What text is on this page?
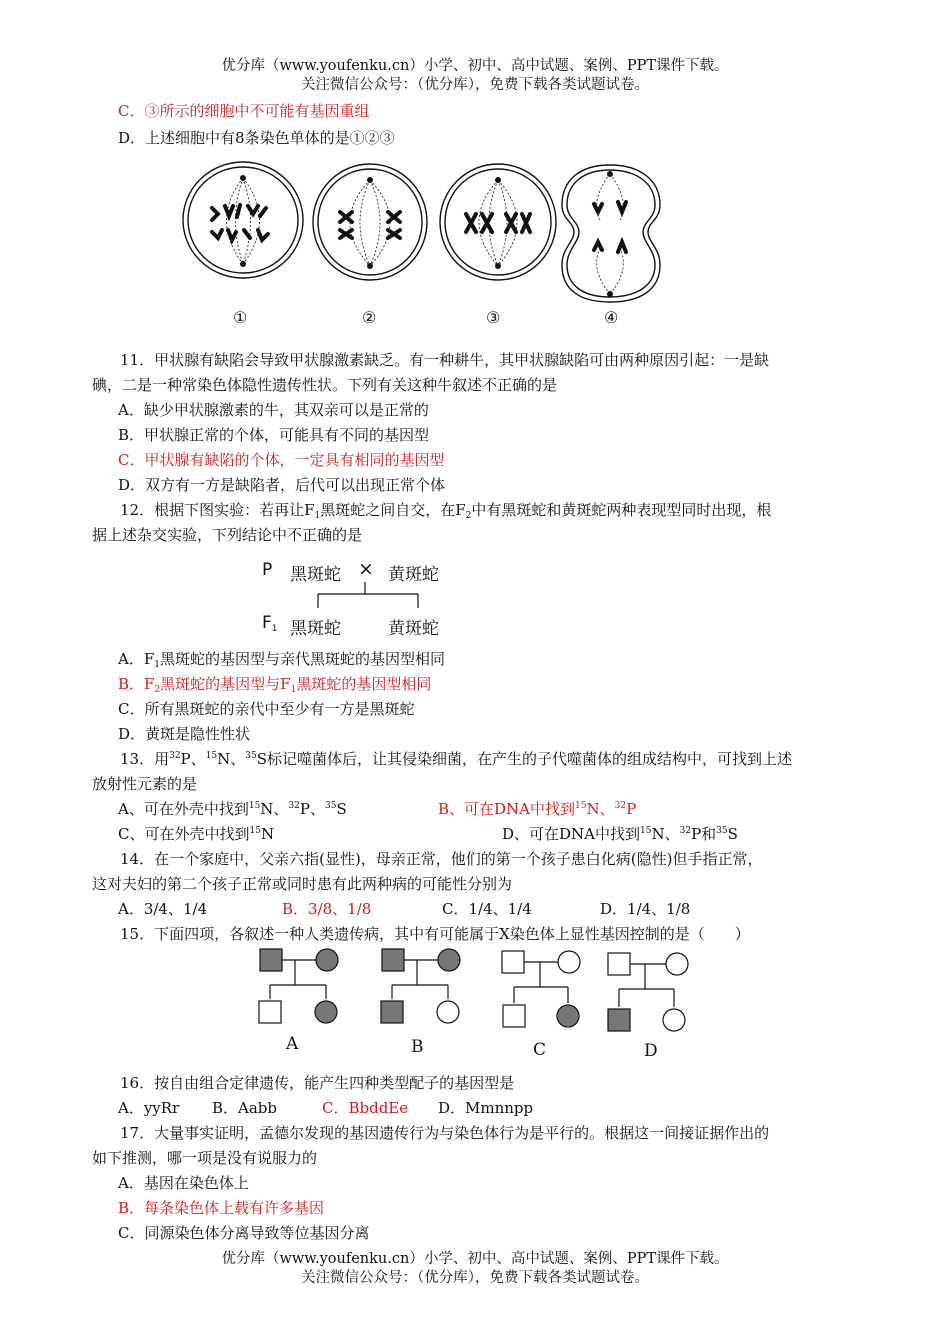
优分库（www.youfenku.cn）小学、初中、高中试题、案例、PPT课件下载。
关注微信公众号：（优分库），免费下载各类试题试卷。
C．③所示的细胞中不可能有基因重组
D．上述细胞中有8条染色单体的是①②③
①	②	③	④
11．甲状腺有缺陷会导致甲状腺激素缺乏。有一种耕牛，其甲状腺缺陷可由两种原因引起：一是缺
碘，二是一种常染色体隐性遗传性状。下列有关这种牛叙述不正确的是
A．缺少甲状腺激素的牛，其双亲可以是正常的
B．甲状腺正常的个体，可能具有不同的基因型
C．甲状腺有缺陷的个体，一定具有相同的基因型
D．双方有一方是缺陷者，后代可以出现正常个体
12．根据下图实验：若再让$F_1$黑斑蛇之间自交，在$F_2$中有黑斑蛇和黄斑蛇两种表现型同时出现，根
据上述杂交实验，下列结论中不正确的是
P 黑斑蛇 × 黄斑蛇
$F_1$ 黑斑蛇	黄斑蛇
A．$F_1$黑斑蛇的基因型与亲代黑斑蛇的基因型相同
B．$F_2$黑斑蛇的基因型与$F_1$黑斑蛇的基因型相同
C．所有黑斑蛇的亲代中至少有一方是黑斑蛇
D．黄斑是隐性性状
13．用$^{32}$P、$^{15}$N、$^{35}$S标记噬菌体后，让其侵染细菌，在产生的子代噬菌体的组成结构中，可找到上述
放射性元素的是
A、可在外壳中找到$^{15}$N、$^{32}$P、$^{35}$S	B、可在DNA中找到$^{15}$N、$^{32}$P
C、可在外壳中找到$^{15}$N	D、可在DNA中找到$^{15}$N、$^{32}$P和$^{35}$S
14．在一个家庭中，父亲六指(显性)，母亲正常，他们的第一个孩子患白化病(隐性)但手指正常，
这对夫妇的第二个孩子正常或同时患有此两种病的可能性分别为
A．3/4、1/4	B．3/8、1/8	C．1/4、1/4	D．1/4、1/8
15．下面四项，各叙述一种人类遗传病，其中有可能属于X染色体上显性基因控制的是（　　）
A	B	C	D
16．按自由组合定律遗传，能产生四种类型配子的基因型是
A．yyRr B．Aabb	C．BbddEe D．Mmnnpp
17．大量事实证明，孟德尔发现的基因遗传行为与染色体行为是平行的。根据这一间接证据作出的
如下推测，哪一项是没有说服力的
A．基因在染色体上
B．每条染色体上载有许多基因
C．同源染色体分离导致等位基因分离
优分库（www.youfenku.cn）小学、初中、高中试题、案例、PPT课件下载。
关注微信公众号：（优分库），免费下载各类试题试卷。
